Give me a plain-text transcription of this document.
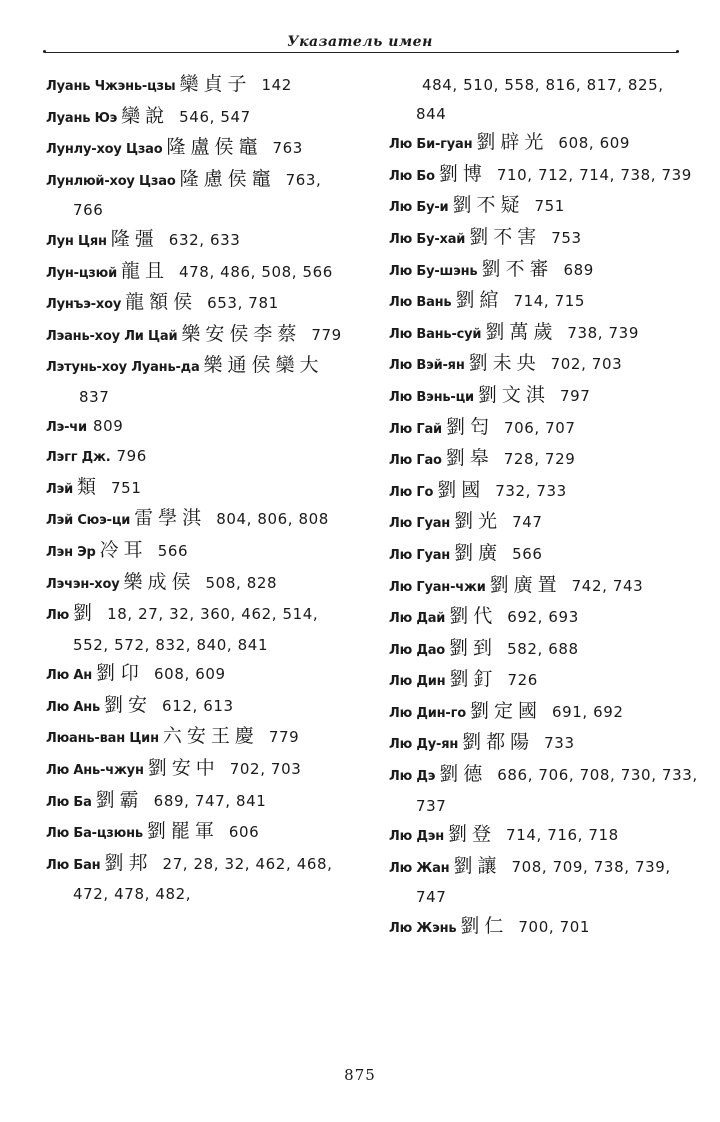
Указатель имен
Луань Чжэнь-цзы 欒貞子 142
Луань Юэ 欒說 546, 547
Лунлу-хоу Цзао 隆盧侯竈 763
Лунлюй-хоу Цзао 隆慮侯竈 763, 766
Лун Цян 隆彊 632, 633
Лун-цзюй 龍且 478, 486, 508, 566
Лунъэ-хоу 龍額侯 653, 781
Лэань-хоу Ли Цай 樂安侯李蔡 779
Лэтунь-хоу Луань-да 樂通侯欒大837
Лэ-чи 809
Лэгг Дж. 796
Лэй 類 751
Лэй Сюэ-ци 雷學淇 804, 806, 808
Лэн Эр 冷耳 566
Лэчэн-хоу 樂成侯 508, 828
Лю 劉 18, 27, 32, 360, 462, 514, 552, 572, 832, 840, 841
Лю Ан 劉卬 608, 609
Лю Ань 劉安 612, 613
Люань-ван Цин 六安王慶 779
Лю Ань-чжун 劉安中 702, 703
Лю Ба 劉霸 689, 747, 841
Лю Ба-цзюнь 劉罷軍 606
Лю Бан 劉邦 27, 28, 32, 462, 468, 472, 478, 482,
484, 510, 558, 816, 817, 825, 844
Лю Би-гуан 劉辟光 608, 609
Лю Бо 劉博 710, 712, 714, 738, 739
Лю Бу-и 劉不疑 751
Лю Бу-хай 劉不害 753
Лю Бу-шэнь 劉不審 689
Лю Вань 劉綰 714, 715
Лю Вань-суй 劉萬歲 738, 739
Лю Вэй-ян 劉未央 702, 703
Лю Вэнь-ци 劉文淇 797
Лю Гай 劉匄 706, 707
Лю Гао 劉皋 728, 729
Лю Го 劉國 732, 733
Лю Гуан 劉光 747
Лю Гуан 劉廣 566
Лю Гуан-чжи 劉廣置 742, 743
Лю Дай 劉代 692, 693
Лю Дао 劉到 582, 688
Лю Дин 劉釘 726
Лю Дин-го 劉定國 691, 692
Лю Ду-ян 劉都陽 733
Лю Дэ 劉德 686, 706, 708, 730, 733, 737
Лю Дэн 劉登 714, 716, 718
Лю Жан 劉讓 708, 709, 738, 739, 747
Лю Жэнь 劉仁 700, 701
875
